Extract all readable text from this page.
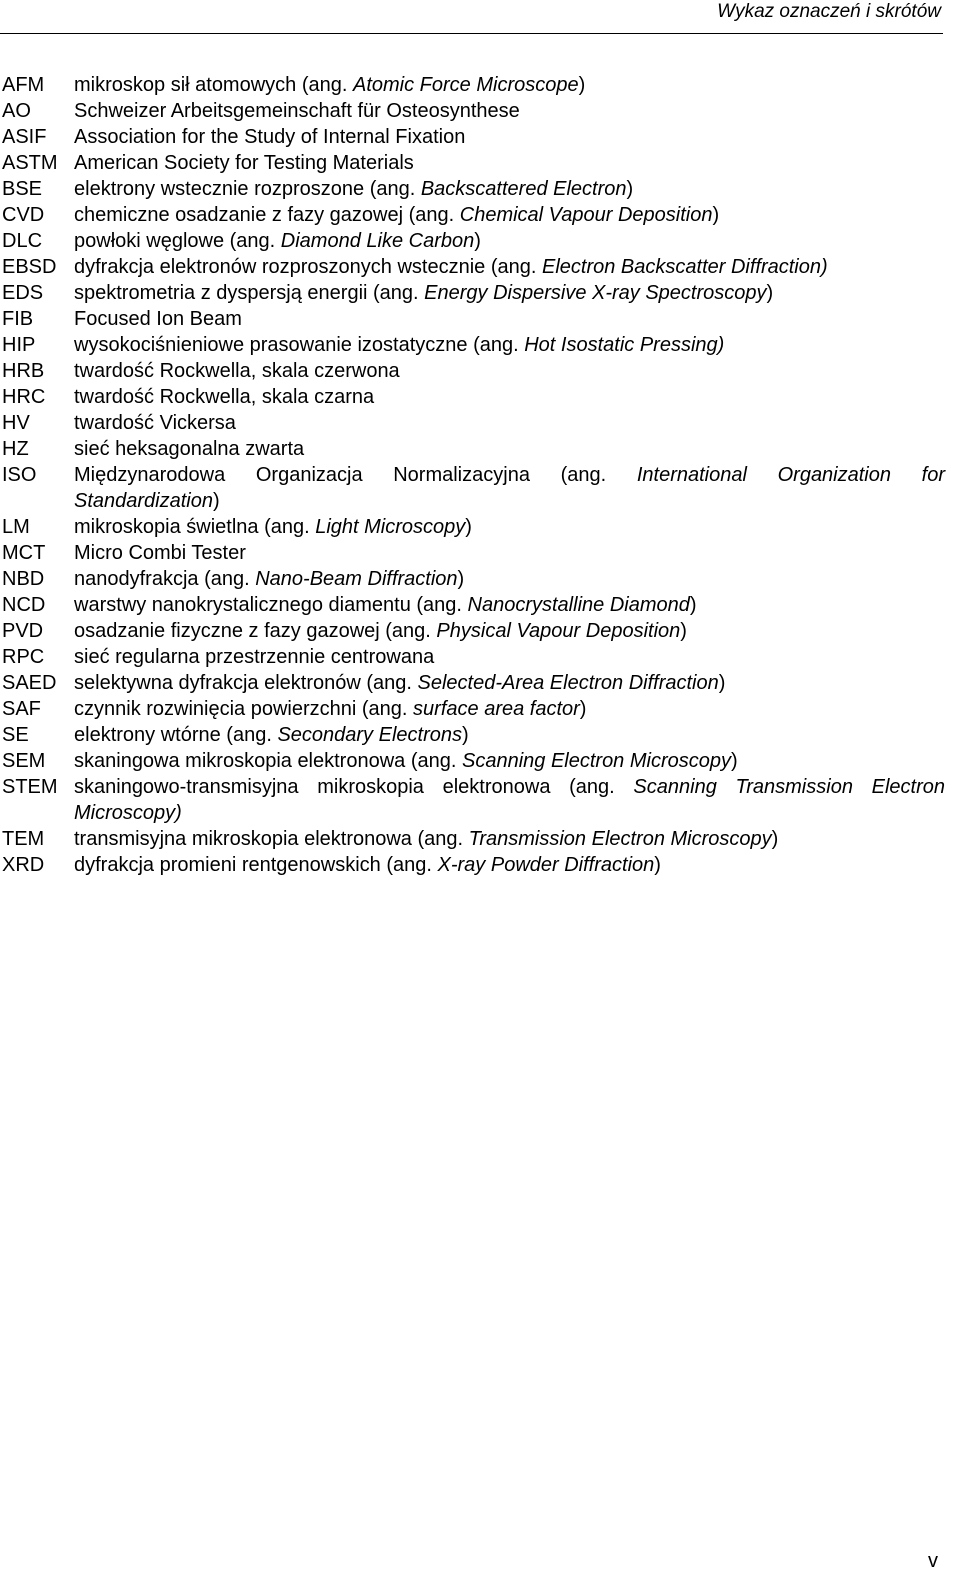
Wykaz oznaczeń i skrótów
AFM	mikroskop sił atomowych (ang. Atomic Force Microscope)
AO	Schweizer Arbeitsgemeinschaft für Osteosynthese
ASIF	Association for the Study of Internal Fixation
ASTM American Society for Testing Materials
BSE	elektrony wstecznie rozproszone (ang. Backscattered Electron)
CVD	chemiczne osadzanie z fazy gazowej (ang. Chemical Vapour Deposition)
DLC	powłoki węglowe (ang. Diamond Like Carbon)
EBSD dyfrakcja elektronów rozproszonych wstecznie (ang. Electron Backscatter Diffraction)
EDS	spektrometria z dyspersją energii (ang. Energy Dispersive X-ray Spectroscopy)
FIB	Focused Ion Beam
HIP	wysokociśnieniowe prasowanie izostatyczne (ang. Hot Isostatic Pressing)
HRB	twardość Rockwella, skala czerwona
HRC	twardość Rockwella, skala czarna
HV	twardość Vickersa
HZ	sieć heksagonalna zwarta
ISO	Międzynarodowa Organizacja Normalizacyjna (ang. International Organization for Standardization)
LM	mikroskopia świetlna (ang. Light Microscopy)
MCT	Micro Combi Tester
NBD	nanodyfrakcja (ang. Nano-Beam Diffraction)
NCD	warstwy nanokrystalicznego diamentu (ang. Nanocrystalline Diamond)
PVD	osadzanie fizyczne z fazy gazowej (ang. Physical Vapour Deposition)
RPC	sieć regularna przestrzennie centrowana
SAED selektywna dyfrakcja elektronów (ang. Selected-Area Electron Diffraction)
SAF	czynnik rozwinięcia powierzchni (ang. surface area factor)
SE	elektrony wtórne (ang. Secondary Electrons)
SEM	skaningowa mikroskopia elektronowa (ang. Scanning Electron Microscopy)
STEM skaningowo-transmisyjna mikroskopia elektronowa (ang. Scanning Transmission Electron Microscopy)
TEM	transmisyjna mikroskopia elektronowa (ang. Transmission Electron Microscopy)
XRD	dyfrakcja promieni rentgenowskich (ang. X-ray Powder Diffraction)
v
